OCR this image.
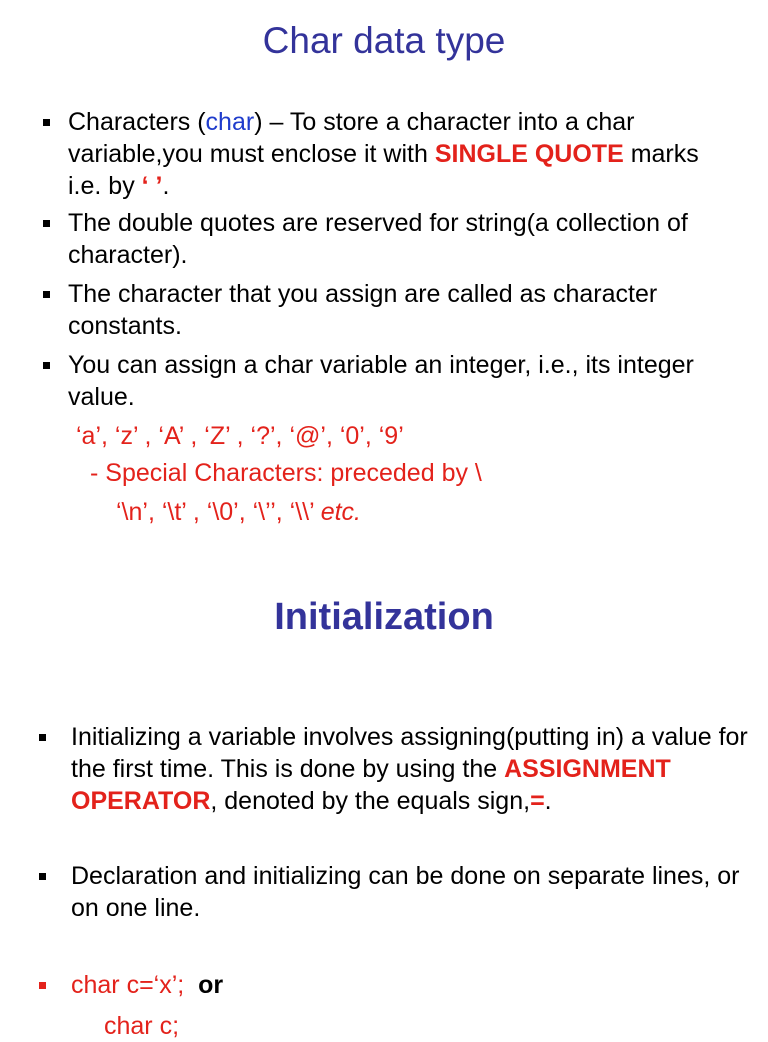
Char data type
Characters (char) – To store a character into a char variable,you must enclose it with SINGLE QUOTE marks i.e. by ‘ ’.
The double quotes are reserved for string(a collection of character).
The character that you assign are called as character constants.
You can assign a char variable an integer, i.e., its integer value.
‘a’, ‘z’ , ‘A’ , ‘Z’ , ‘?’, ‘@’, ‘0’, ‘9’
- Special Characters: preceded by \
‘\n’, ‘\t’ , ‘\0’, ‘\’’, ‘\\’ etc.
Initialization
Initializing a variable involves assigning(putting in) a value for the first time. This is done by using the ASSIGNMENT OPERATOR, denoted by the equals sign,=.
Declaration and initializing can be done on separate lines, or on one line.
char c=‘x’; or
char c;
